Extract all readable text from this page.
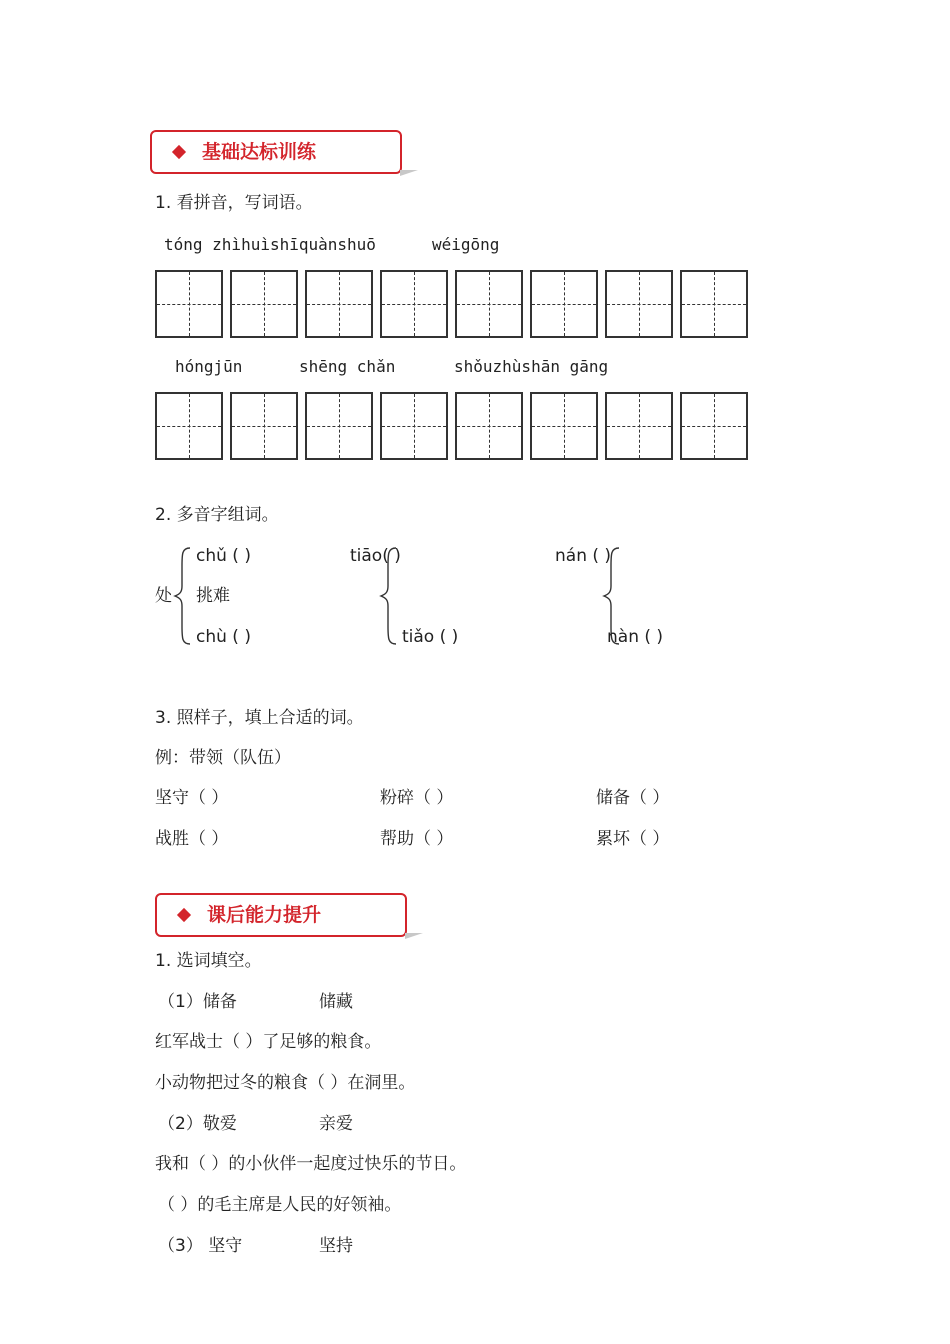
基础达标训练
1. 看拼音，写词语。
tóng zhìhuìshīquànshuō	wéigōng
hóngjūn	shēng chǎn	shǒuzhùshān gāng
2. 多音字组词。
处
chǔ ( )
挑难
chù ( )
tiāo( )
tiǎo ( )
nán ( )
nàn ( )
3. 照样子，填上合适的词。
例：带领（队伍）
坚守（ ）	粉碎（ ）	储备（ ）
战胜（ ）	帮助（ ）	累坏（ ）
课后能力提升
1. 选词填空。
（1）储备	储藏
红军战士（ ）了足够的粮食。
小动物把过冬的粮食（ ）在洞里。
（2）敬爱	亲爱
我和（ ）的小伙伴一起度过快乐的节日。
（ ）的毛主席是人民的好领袖。
（3） 坚守	坚持
